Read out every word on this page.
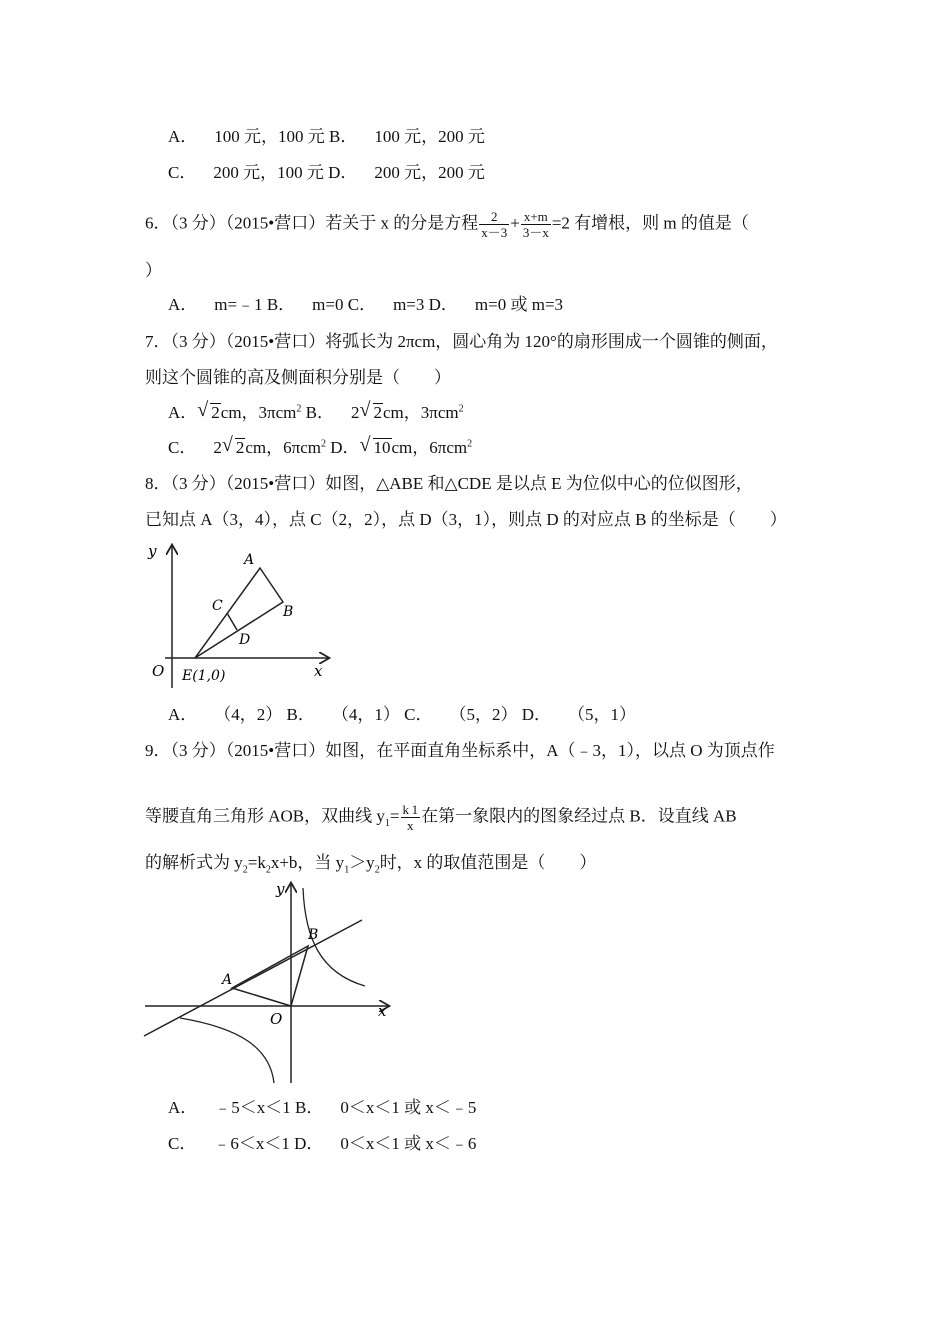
A． 100 元，100 元 B． 100 元，200 元
C． 200 元，100 元 D． 200 元，200 元
6．（3 分）（2015•营口）若关于 x 的分是方程 $\frac{2}{x-3} + \frac{x+m}{3-x} =2$ 有增根，则 m 的值是（
）
A． m=﹣1 B． m=0 C． m=3 D． m=0 或 m=3
7．（3 分）（2015•营口）将弧长为 2πcm，圆心角为 120°的扇形围成一个圆锥的侧面，
则这个圆锥的高及侧面积分别是（  ）
A． √ 2cm，3πcm$^2$ B． 2 √ 2cm，3πcm$^2$
C． 2 √ 2cm，6πcm$^2$ D． √ 10cm，6πcm$^2$
8．（3 分）（2015•营口）如图，△ABE 和△CDE 是以点 E 为位似中心的位似图形，
已知点 A（3，4），点 C（2，2），点 D（3，1），则点 D 的对应点 B 的坐标是（  ）
y
x
O
A
B
C
D
E(1,0)
A． （4，2） B． （4，1） C． （5，2） D． （5，1）
9．（3 分）（2015•营口）如图，在平面直角坐标系中，A（﹣3，1），以点 O 为顶点作
等腰直角三角形 AOB，双曲线 $y_1= \frac{k 1}{x}$ 在第一象限内的图象经过点 B．设直线 AB
的解析式为 $y_2=k_2x+b$，当 $y_1>y_2$时，x 的取值范围是（  ）
y
x
O
A
B
A． ﹣5＜x＜1 B． 0＜x＜1 或 x＜﹣5
C． ﹣6＜x＜1 D． 0＜x＜1 或 x＜﹣6
